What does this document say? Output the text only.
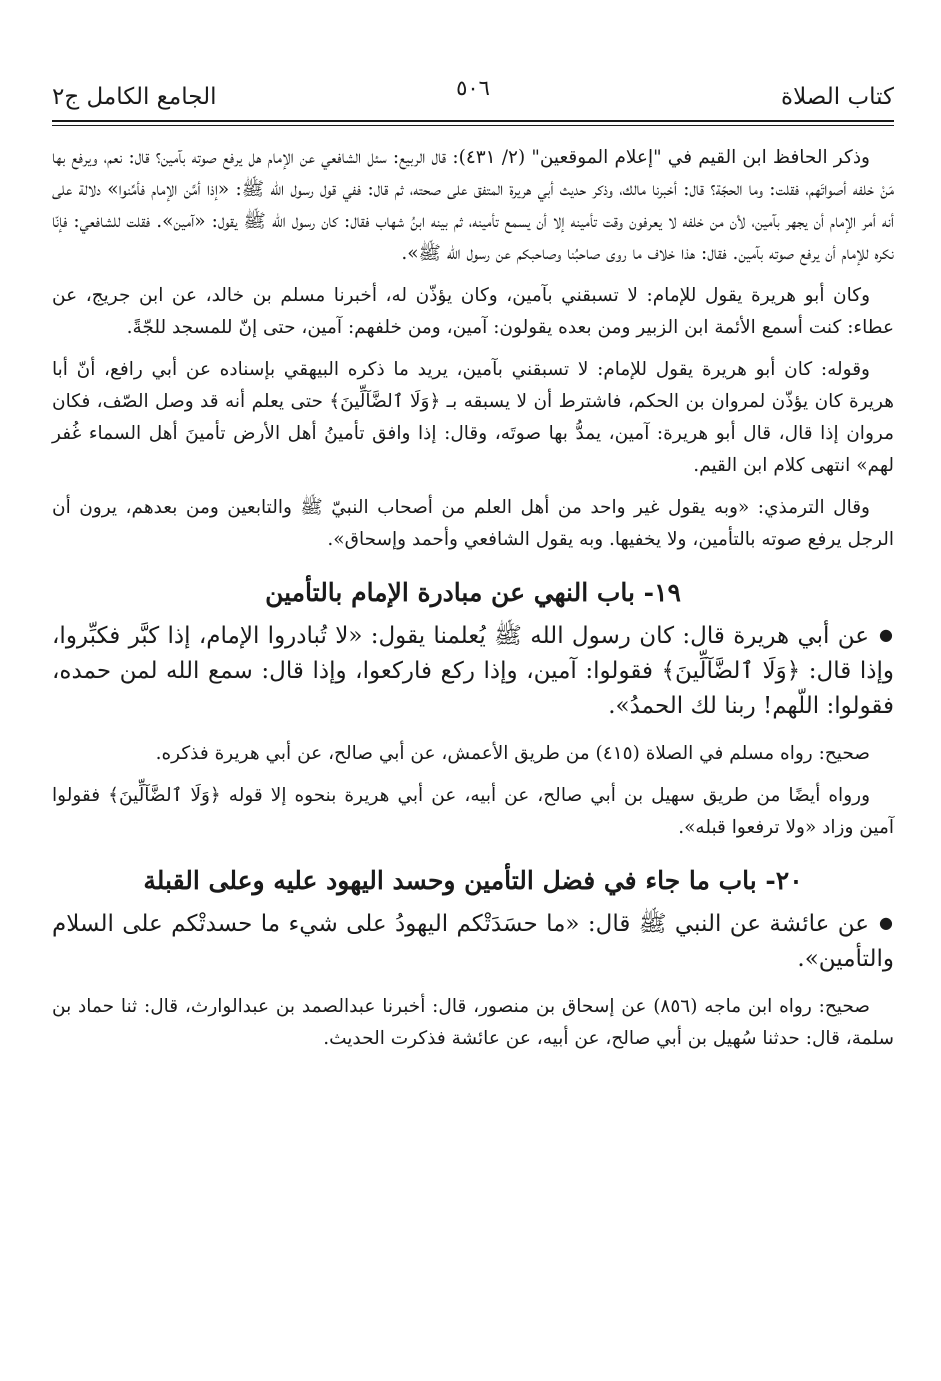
كتاب الصلاة
٥٠٦
الجامع الكامل ج٢

وذكر الحافظ ابن القيم في "إعلام الموقعين" (٢/ ٤٣١): قال الربيع: سئل الشافعي عن الإمام هل يرفع صوته بآمين؟ قال: نعم، ويرفع بها مَنْ خلفه أصواتَهم، فقلت: وما الحجّة؟ قال: أخبرنا مالك، وذكر حديث أبي هريرة المتفق على صحته، ثم قال: ففي قول رسول الله ﷺ: «إذا أمَّن الإمام فأمِّنوا» دلالة على أنه أمر الإمام أن يجهر بآمين، لأن من خلفه لا يعرفون وقت تأمينه إلا أن يسمع تأمينه، ثم بينه ابنُ شهاب فقال: كان رسول الله ﷺ يقول: «آمين». فقلت للشافعي: فإنّا نكره للإمام أن يرفع صوته بآمين. فقال: هذا خلاف ما روى صاحبُنا وصاحبكم عن رسول الله ﷺ».

وكان أبو هريرة يقول للإمام: لا تسبقني بآمين، وكان يؤذّن له، أخبرنا مسلم بن خالد، عن ابن جريج، عن عطاء: كنت أسمع الأئمة ابن الزبير ومن بعده يقولون: آمين، ومن خلفهم: آمين، حتى إنّ للمسجد للجّةً.

وقوله: كان أبو هريرة يقول للإمام: لا تسبقني بآمين، يريد ما ذكره البيهقي بإسناده عن أبي رافع، أنّ أبا هريرة كان يؤذّن لمروان بن الحكم، فاشترط أن لا يسبقه بـ ﴿وَلَا ٱلضَّآلِّينَ﴾ حتى يعلم أنه قد وصل الصّف، فكان مروان إذا قال، قال أبو هريرة: آمين، يمدُّ بها صوتَه، وقال: إذا وافق تأمينُ أهل الأرض تأمينَ أهل السماء غُفر لهم» انتهى كلام ابن القيم.

وقال الترمذي: «وبه يقول غير واحد من أهل العلم من أصحاب النبيّ ﷺ والتابعين ومن بعدهم، يرون أن الرجل يرفع صوته بالتأمين، ولا يخفيها. وبه يقول الشافعي وأحمد وإسحاق».

١٩- باب النهي عن مبادرة الإمام بالتأمين

●عن أبي هريرة قال: كان رسول الله ﷺ يُعلمنا يقول: «لا تُبادروا الإمام، إذا كبَّر فكبِّروا، وإذا قال: ﴿وَلَا ٱلضَّآلِّينَ﴾ فقولوا: آمين، وإذا ركع فاركعوا، وإذا قال: سمع الله لمن حمده، فقولوا: اللّهم! ربنا لك الحمدُ».

صحيح: رواه مسلم في الصلاة (٤١٥) من طريق الأعمش، عن أبي صالح، عن أبي هريرة فذكره.

ورواه أيضًا من طريق سهيل بن أبي صالح، عن أبيه، عن أبي هريرة بنحوه إلا قوله ﴿وَلَا ٱلضَّآلِّينَ﴾ فقولوا آمين وزاد «ولا ترفعوا قبله».

٢٠- باب ما جاء في فضل التأمين وحسد اليهود عليه وعلى القبلة

●عن عائشة عن النبي ﷺ قال: «ما حسَدَتْكم اليهودُ على شيء ما حسدتْكم على السلام والتأمين».

صحيح: رواه ابن ماجه (٨٥٦) عن إسحاق بن منصور، قال: أخبرنا عبدالصمد بن عبدالوارث، قال: ثنا حماد بن سلمة، قال: حدثنا سُهيل بن أبي صالح، عن أبيه، عن عائشة فذكرت الحديث.
